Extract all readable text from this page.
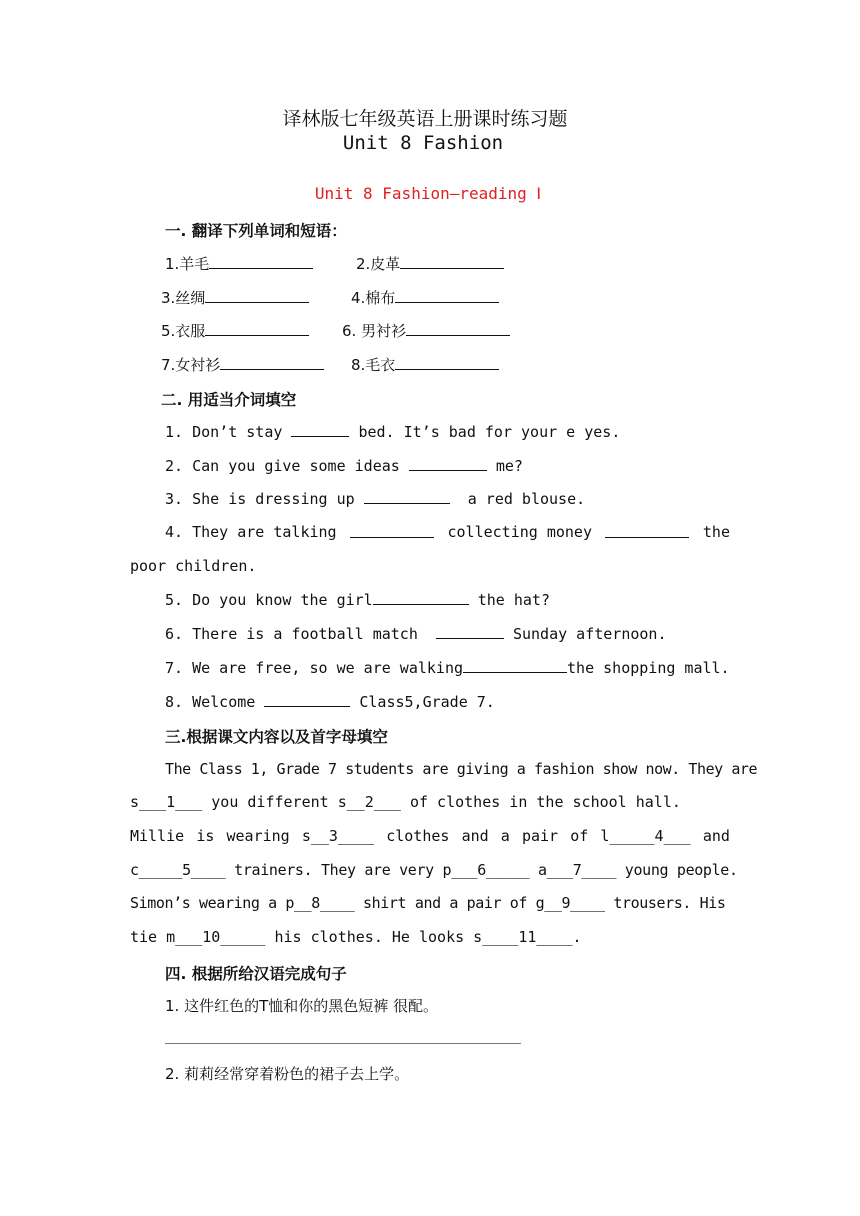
译林版七年级英语上册课时练习题
Unit 8 Fashion
Unit 8 Fashion—reading Ⅰ
一. 翻译下列单词和短语：
1.羊毛	2.皮革
3.丝绸	4.棉布
5.衣服	6. 男衬衫
7.女衬衫	8.毛衣
二. 用适当介词填空
1. Don’t stay	bed. It’s bad for your e yes.
2. Can you give some ideas	me?
3. She is dressing up	a red blouse.
4. They are talking	collecting money	the
poor children.
5. Do you know the girl	the hat?
6. There is a football match	Sunday afternoon.
7. We are free, so we are walking	the shopping mall.
8. Welcome	Class5,Grade 7.
三.根据课文内容以及首字母填空
The Class 1, Grade 7 students are giving a fashion show now. They are
s___1___ you different s__2___ of clothes in the school hall.
Millie is wearing s__3____ clothes and a pair of l_____4___ and
c_____5____ trainers. They are very p___6_____ a___7____ young people.
Simon’s wearing a p__8____ shirt and a pair of g__9____ trousers. His
tie m___10_____ his clothes. He looks s____11____.
四. 根据所给汉语完成句子
1. 这件红色的T恤和你的黑色短裤 很配。
2. 莉莉经常穿着粉色的裙子去上学。
